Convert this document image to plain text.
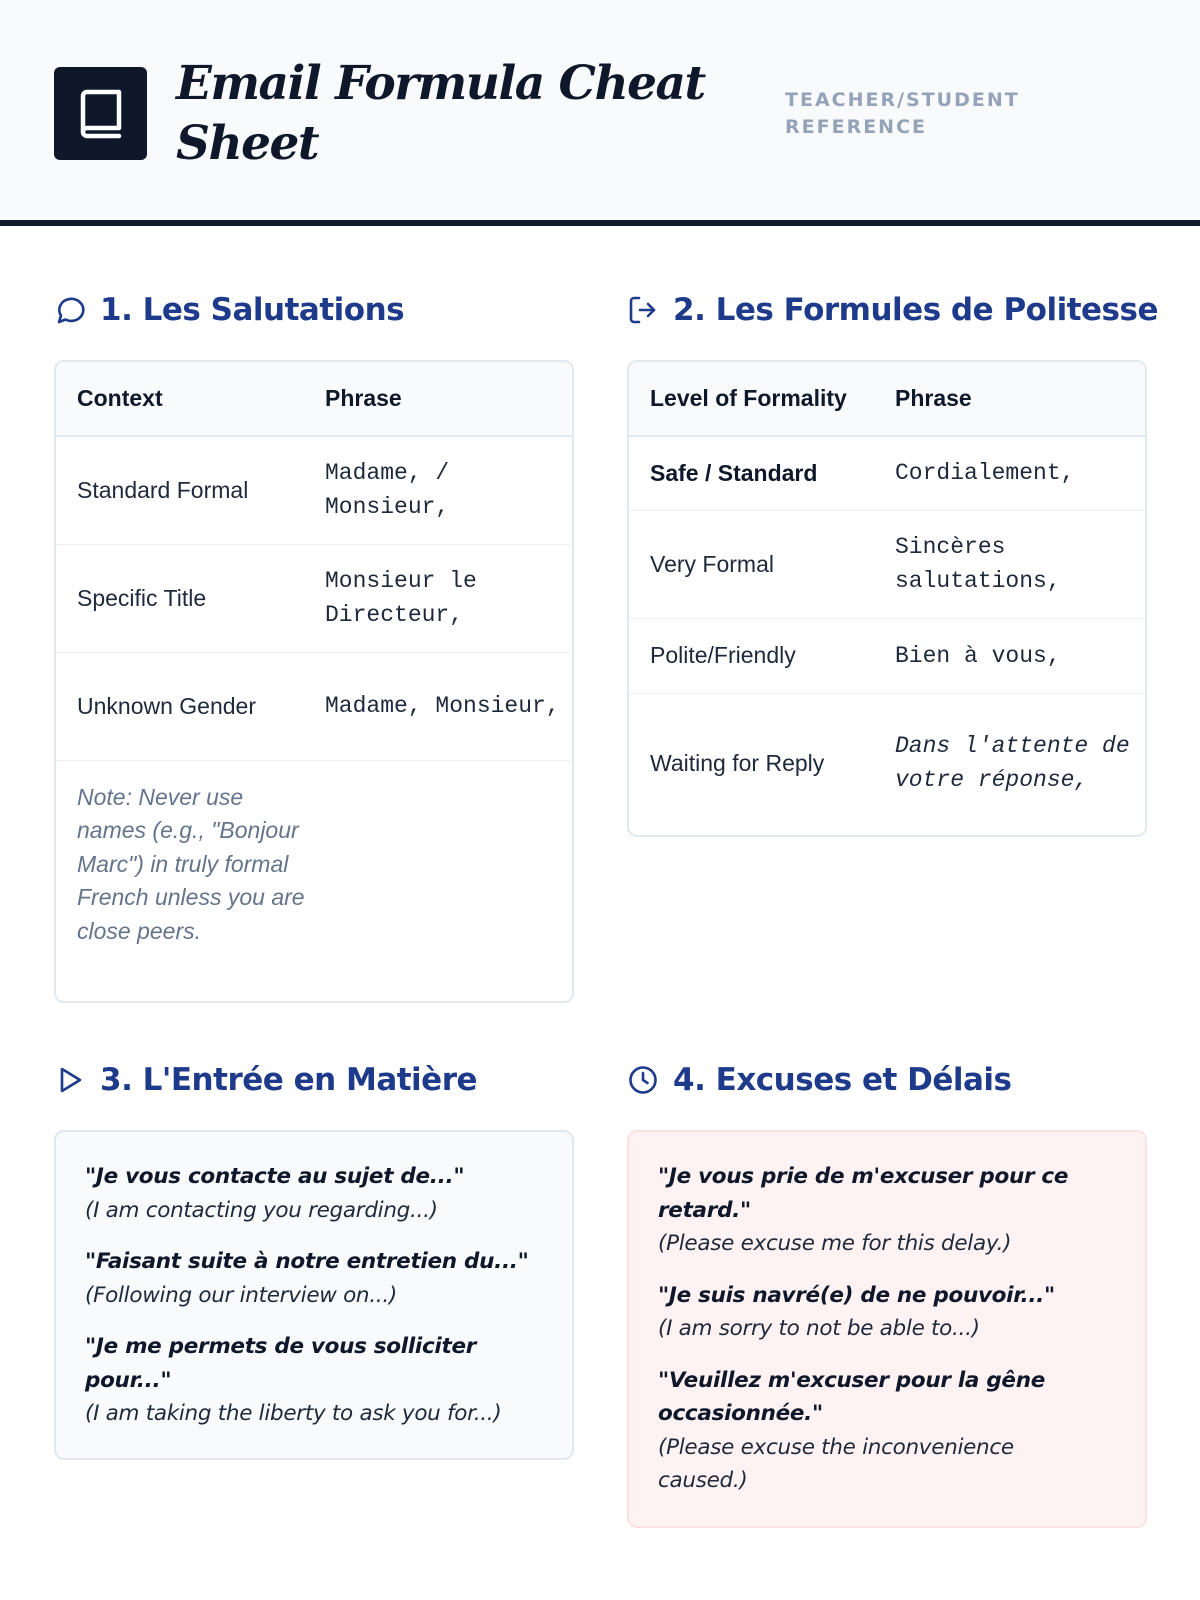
Email Formula Cheat Sheet
TEACHER/STUDENT REFERENCE
1. Les Salutations
Context	Phrase
Standard Formal	Madame, / Monsieur,
Specific Title	Monsieur le Directeur,
Unknown Gender	Madame, Monsieur,

Note: Never use names (e.g., "Bonjour Marc") in truly formal French unless you are close peers.	

2. Les Formules de Politesse
Level of Formality	Phrase
Safe / Standard	Cordialement,
Very Formal	Sincères salutations,
Polite/Friendly	Bien à vous,
Waiting for Reply	Dans l'attente de votre réponse,
3. L'Entrée en Matière
"Je vous contacte au sujet de..."
(I am contacting you regarding...)
"Faisant suite à notre entretien du..."
(Following our interview on...)
"Je me permets de vous solliciter pour..."
(I am taking the liberty to ask you for...)
4. Excuses et Délais
"Je vous prie de m'excuser pour ce retard."
(Please excuse me for this delay.)
"Je suis navré(e) de ne pouvoir..."
(I am sorry to not be able to...)
"Veuillez m'excuser pour la gêne occasionnée."
(Please excuse the inconvenience caused.)
